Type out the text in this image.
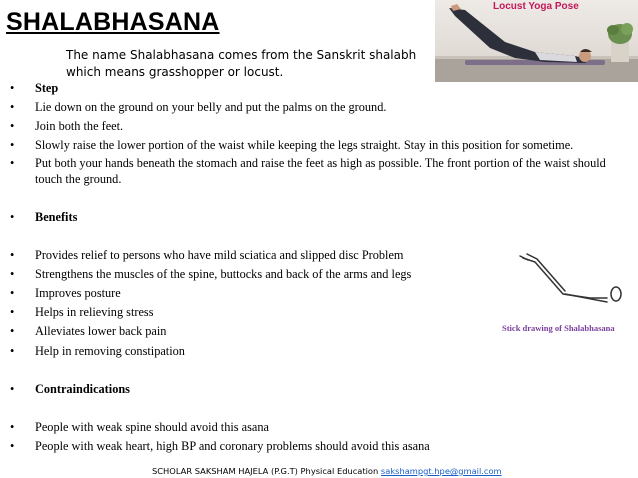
SHALABHASANA
The name Shalabhasana comes from the Sanskrit shalabh which means grasshopper or locust.
Locust Yoga Pose
• Step
• Lie down on the ground on your belly and put the palms on the ground.
• Join both the feet.
• Slowly raise the lower portion of the waist while keeping the legs straight. Stay in this position for sometime.
• Put both your hands beneath the stomach and raise the feet as high as possible. The front portion of the waist should touch the ground.
• Benefits
• Provides relief to persons who have mild sciatica and slipped disc Problem
• Strengthens the muscles of the spine, buttocks and back of the arms and legs
• Improves posture
• Helps in relieving stress
• Alleviates lower back pain
• Help in removing constipation
• Contraindications
• People with weak spine should avoid this asana
• People with weak heart, high BP and coronary problems should avoid this asana
Stick drawing of Shalabhasana
SCHOLAR SAKSHAM HAJELA (P.G.T) Physical Education sakshampgt.hpe@gmail.com
